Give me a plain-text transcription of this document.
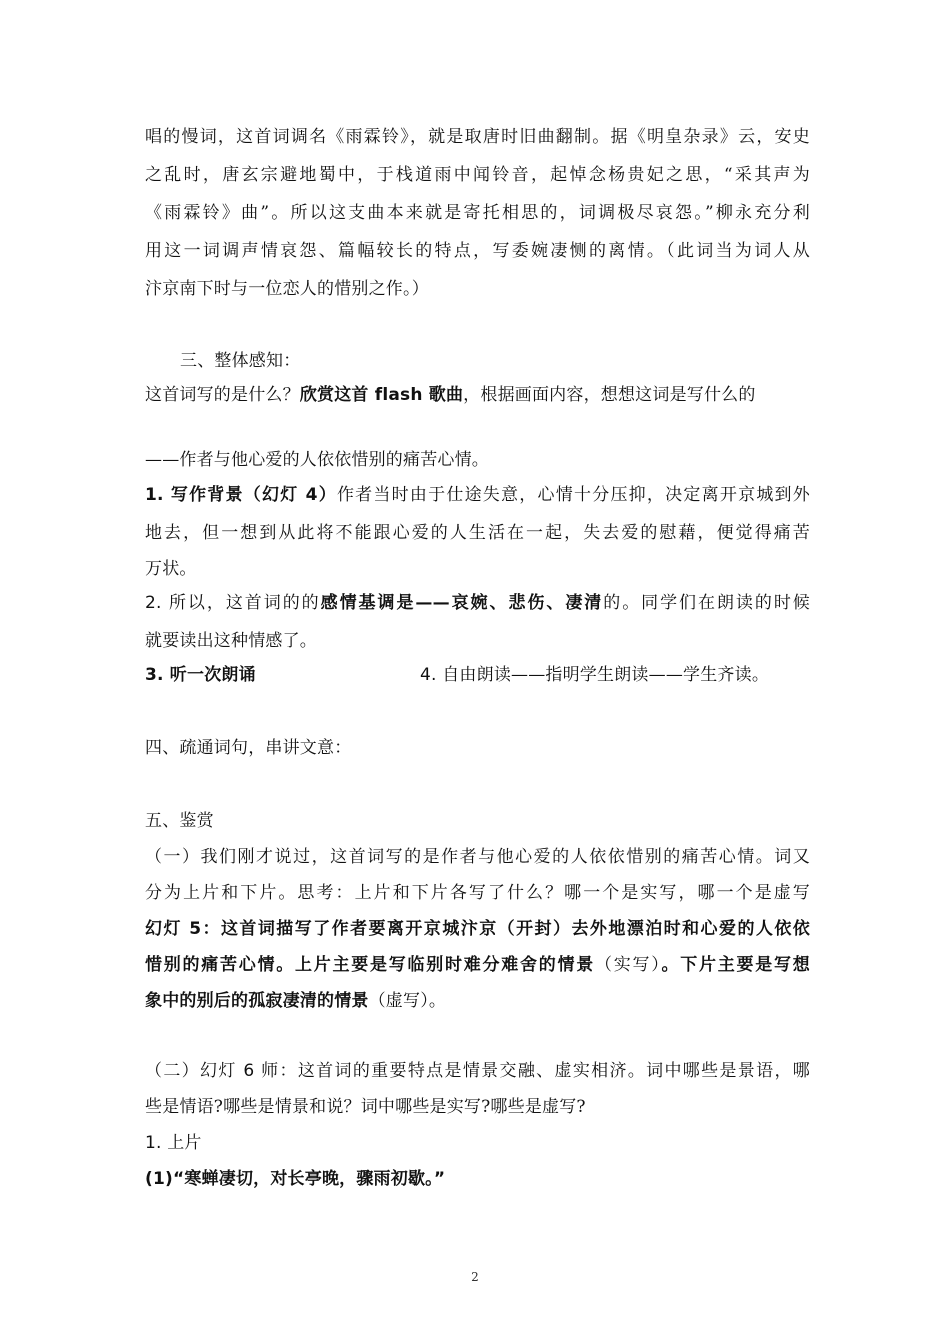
唱的慢词，这首词调名《雨霖铃》，就是取唐时旧曲翻制。据《明皇杂录》云，安史
之乱时，唐玄宗避地蜀中，于栈道雨中闻铃音，起悼念杨贵妃之思，“采其声为
《雨霖铃》曲”。所以这支曲本来就是寄托相思的，词调极尽哀怨。”柳永充分利
用这一词调声情哀怨、篇幅较长的特点，写委婉凄恻的离情。（此词当为词人从
汴京南下时与一位恋人的惜别之作。）
三、整体感知：
这首词写的是什么？欣赏这首 flash 歌曲，根据画面内容，想想这词是写什么的
——作者与他心爱的人依依惜别的痛苦心情。
1. 写作背景（幻灯 4）作者当时由于仕途失意，心情十分压抑，决定离开京城到外
地去，但一想到从此将不能跟心爱的人生活在一起，失去爱的慰藉，便觉得痛苦
万状。
2. 所以，这首词的的感情基调是——哀婉、悲伤、凄清的。同学们在朗读的时候
就要读出这种情感了。
3. 听一次朗诵	4. 自由朗读——指明学生朗读——学生齐读。
四、疏通词句，串讲文意：
五、鉴赏
（一）我们刚才说过，这首词写的是作者与他心爱的人依依惜别的痛苦心情。词又
分为上片和下片。思考：上片和下片各写了什么？哪一个是实写，哪一个是虚写
幻灯 5：这首词描写了作者要离开京城汴京（开封）去外地漂泊时和心爱的人依依
惜别的痛苦心情。上片主要是写临别时难分难舍的情景（实写）。下片主要是写想
象中的别后的孤寂凄清的情景（虚写）。
（二）幻灯 6 师：这首词的重要特点是情景交融、虚实相济。词中哪些是景语，哪
些是情语?哪些是情景和说？词中哪些是实写?哪些是虚写?
1. 上片
(1)“寒蝉凄切，对长亭晚，骤雨初歇。”
2
